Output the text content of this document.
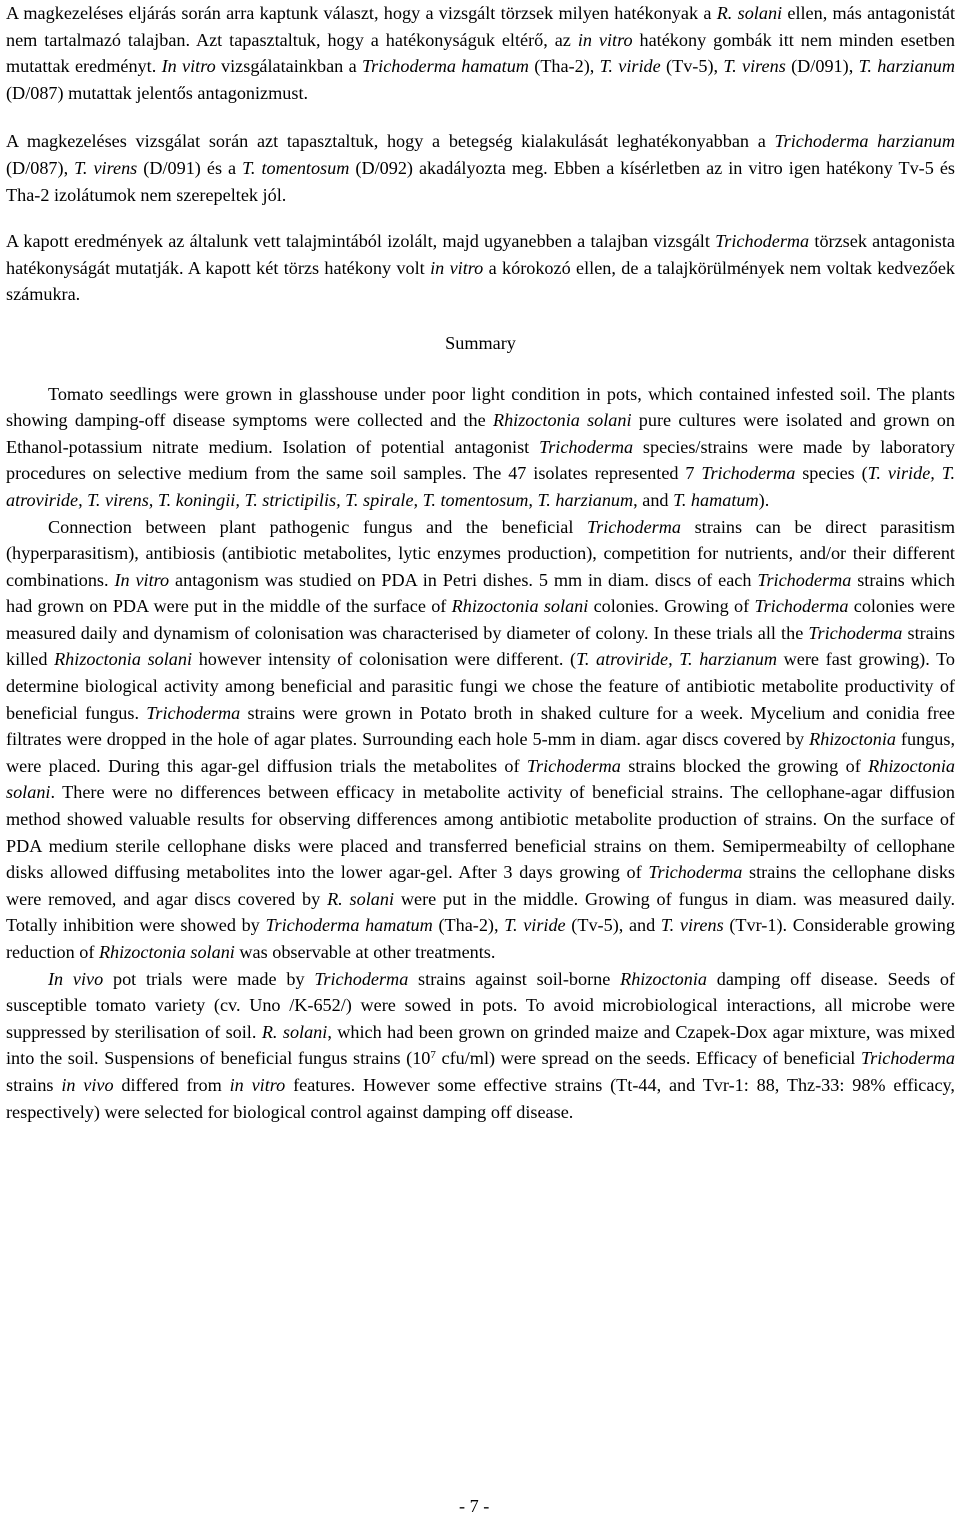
A magkezeléses eljárás során arra kaptunk választ, hogy a vizsgált törzsek milyen hatékonyak a R. solani ellen, más antagonistát nem tartalmazó talajban. Azt tapasztaltuk, hogy a hatékonyságuk eltérő, az in vitro hatékony gombák itt nem minden esetben mutattak eredményt. In vitro vizsgálatainkban a Trichoderma hamatum (Tha-2), T. viride (Tv-5), T. virens (D/091), T. harzianum (D/087) mutattak jelentős antagonizmust.

A magkezeléses vizsgálat során azt tapasztaltuk, hogy a betegség kialakulását leghatékonyabban a Trichoderma harzianum (D/087), T. virens (D/091) és a T. tomentosum (D/092) akadályozta meg. Ebben a kísérletben az in vitro igen hatékony Tv-5 és Tha-2 izolátumok nem szerepeltek jól.

A kapott eredmények az általunk vett talajmintából izolált, majd ugyanebben a talajban vizsgált Trichoderma törzsek antagonista hatékonyságát mutatják. A kapott két törzs hatékony volt in vitro a kórokozó ellen, de a talajkörülmények nem voltak kedvezőek számukra.

Summary

Tomato seedlings were grown in glasshouse under poor light condition in pots, which contained infested soil. The plants showing damping-off disease symptoms were collected and the Rhizoctonia solani pure cultures were isolated and grown on Ethanol-potassium nitrate medium. Isolation of potential antagonist Trichoderma species/strains were made by laboratory procedures on selective medium from the same soil samples. The 47 isolates represented 7 Trichoderma species (T. viride, T. atroviride, T. virens, T. koningii, T. strictipilis, T. spirale, T. tomentosum, T. harzianum, and T. hamatum).

Connection between plant pathogenic fungus and the beneficial Trichoderma strains can be direct parasitism (hyperparasitism), antibiosis (antibiotic metabolites, lytic enzymes production), competition for nutrients, and/or their different combinations. In vitro antagonism was studied on PDA in Petri dishes. 5 mm in diam. discs of each Trichoderma strains which had grown on PDA were put in the middle of the surface of Rhizoctonia solani colonies. Growing of Trichoderma colonies were measured daily and dynamism of colonisation was characterised by diameter of colony. In these trials all the Trichoderma strains killed Rhizoctonia solani however intensity of colonisation were different. (T. atroviride, T. harzianum were fast growing). To determine biological activity among beneficial and parasitic fungi we chose the feature of antibiotic metabolite productivity of beneficial fungus. Trichoderma strains were grown in Potato broth in shaked culture for a week. Mycelium and conidia free filtrates were dropped in the hole of agar plates. Surrounding each hole 5-mm in diam. agar discs covered by Rhizoctonia fungus, were placed. During this agar-gel diffusion trials the metabolites of Trichoderma strains blocked the growing of Rhizoctonia solani. There were no differences between efficacy in metabolite activity of beneficial strains. The cellophane-agar diffusion method showed valuable results for observing differences among antibiotic metabolite production of strains. On the surface of PDA medium sterile cellophane disks were placed and transferred beneficial strains on them. Semipermeabilty of cellophane disks allowed diffusing metabolites into the lower agar-gel. After 3 days growing of Trichoderma strains the cellophane disks were removed, and agar discs covered by R. solani were put in the middle. Growing of fungus in diam. was measured daily. Totally inhibition were showed by Trichoderma hamatum (Tha-2), T. viride (Tv-5), and T. virens (Tvr-1). Considerable growing reduction of Rhizoctonia solani was observable at other treatments.

In vivo pot trials were made by Trichoderma strains against soil-borne Rhizoctonia damping off disease. Seeds of susceptible tomato variety (cv. Uno /K-652/) were sowed in pots. To avoid microbiological interactions, all microbe were suppressed by sterilisation of soil. R. solani, which had been grown on grinded maize and Czapek-Dox agar mixture, was mixed into the soil. Suspensions of beneficial fungus strains ($10^7$ cfu/ml) were spread on the seeds. Efficacy of beneficial Trichoderma strains in vivo differed from in vitro features. However some effective strains (Tt-44, and Tvr-1: 88, Thz-33: 98% efficacy, respectively) were selected for biological control against damping off disease.

- 7 -
